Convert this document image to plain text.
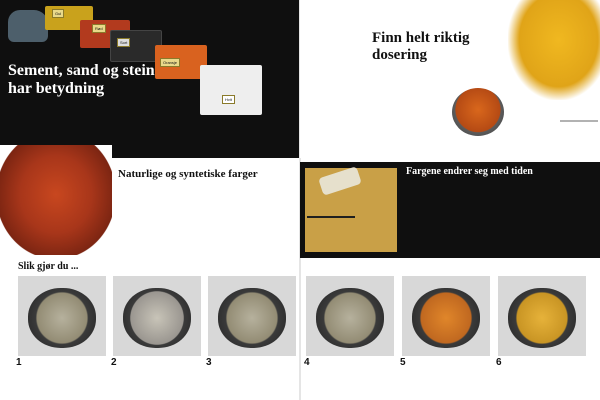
Gul
Rød
Sort
Oransje
Hvit

Sement, sand og stein har betydning

Naturlige og syntetiske farger

Finn helt riktig dosering

Fargene endrer seg med tiden

Slik gjør du ...
1	2	3	4	5	6
